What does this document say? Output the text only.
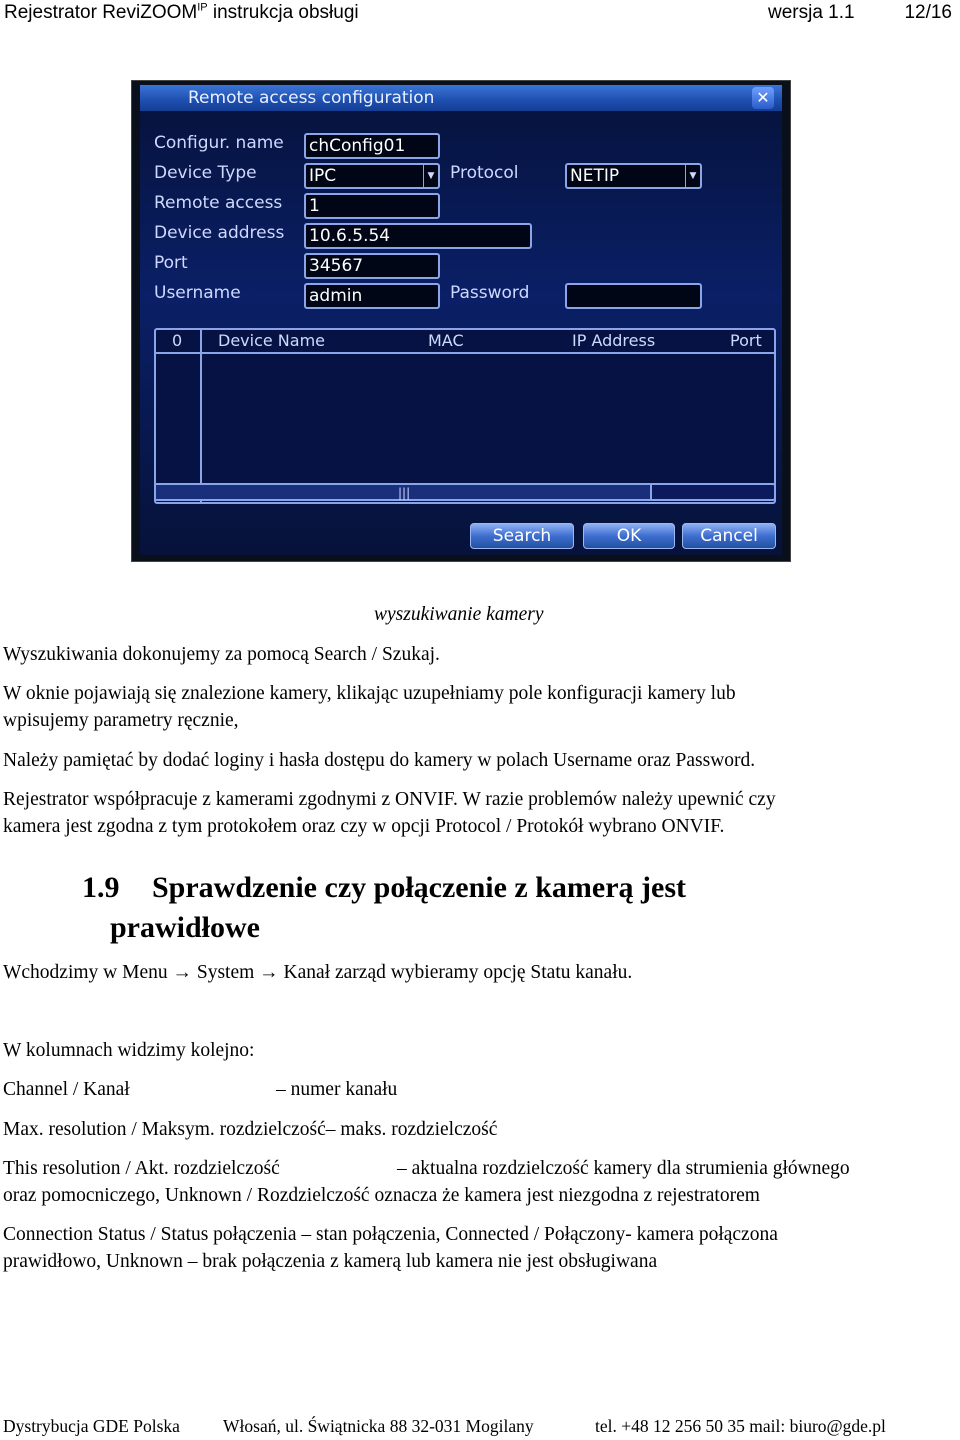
Rejestrator ReviZOOM$^{IP}$ instrukcja obsługi	wersja 1.1	12/16
Remote access configuration	✕
Configur. name chConfig01
Device Type	IPC	▼ Protocol	NETIP	▼
Remote access 1
Device address 10.6.5.54
Port	34567
Username	admin	Password
0 Device Name	MAC	IP Address	Port
|||
Search	OK	Cancel
wyszukiwanie kamery
Wyszukiwania dokonujemy za pomocą Search / Szukaj.
W oknie pojawiają się znalezione kamery, klikając uzupełniamy pole konfiguracji kamery lub
wpisujemy parametry ręcznie,
Należy pamiętać by dodać loginy i hasła dostępu do kamery w polach Username oraz Password.
Rejestrator współpracuje z kamerami zgodnymi z ONVIF. W razie problemów należy upewnić czy
kamera jest zgodna z tym protokołem oraz czy w opcji Protocol / Protokół wybrano ONVIF.
1.9 Sprawdzenie czy połączenie z kamerą jest
prawidłowe
Wchodzimy w Menu → System → Kanał zarząd wybieramy opcję Statu kanału.
W kolumnach widzimy kolejno:
Channel / Kanał	– numer kanału
Max. resolution / Maksym. rozdzielczość– maks. rozdzielczość
This resolution / Akt. rozdzielczość	– aktualna rozdzielczość kamery dla strumienia głównego
oraz pomocniczego, Unknown / Rozdzielczość oznacza że kamera jest niezgodna z rejestratorem
Connection Status / Status połączenia – stan połączenia, Connected / Połączony- kamera połączona
prawidłowo, Unknown – brak połączenia z kamerą lub kamera nie jest obsługiwana
Dystrybucja GDE Polska Włosań, ul. Świątnicka 88 32-031 Mogilany	tel. +48 12 256 50 35 mail: biuro@gde.pl
